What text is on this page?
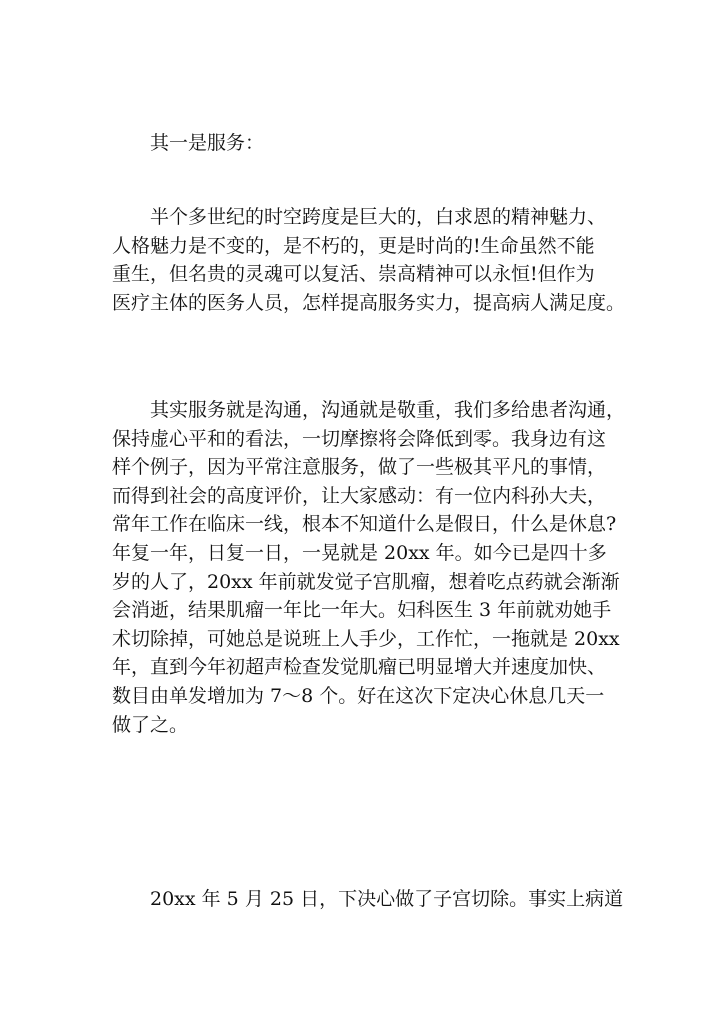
其一是服务：
半个多世纪的时空跨度是巨大的，白求恩的精神魅力、
人格魅力是不变的，是不朽的，更是时尚的!生命虽然不能
重生，但名贵的灵魂可以复活、崇高精神可以永恒!但作为
医疗主体的医务人员，怎样提高服务实力，提高病人满足度。
其实服务就是沟通，沟通就是敬重，我们多给患者沟通，
保持虚心平和的看法，一切摩擦将会降低到零。我身边有这
样个例子，因为平常注意服务，做了一些极其平凡的事情，
而得到社会的高度评价，让大家感动：有一位内科孙大夫，
常年工作在临床一线，根本不知道什么是假日，什么是休息?
年复一年，日复一日，一晃就是 20xx 年。如今已是四十多
岁的人了，20xx 年前就发觉子宫肌瘤，想着吃点药就会渐渐
会消逝，结果肌瘤一年比一年大。妇科医生 3 年前就劝她手
术切除掉，可她总是说班上人手少，工作忙，一拖就是 20xx
年，直到今年初超声检查发觉肌瘤已明显增大并速度加快、
数目由单发增加为 7～8 个。好在这次下定决心休息几天一
做了之。
20xx 年 5 月 25 日，下决心做了子宫切除。事实上病道
